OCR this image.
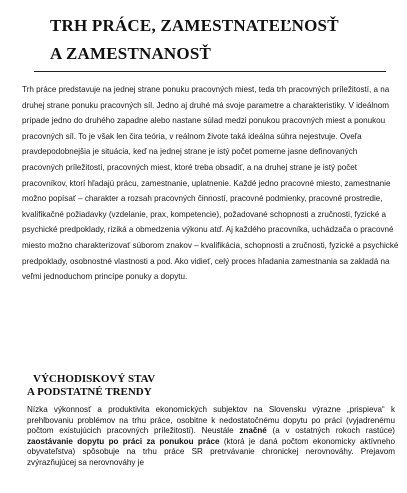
TRH PRÁCE, ZAMESTNATEĽNOSŤ
A ZAMESTNANOSŤ

Trh práce predstavuje na jednej strane ponuku pracovných miest, teda trh pracovných príležitostí, a na druhej strane ponuku pracovných síl. Jedno aj druhé má svoje parametre a charakteristiky. V ideálnom prípade jedno do druhého zapadne alebo nastane súlad medzi ponukou pracovných miest a ponukou pracovných síl. To je však len čira teória, v reálnom živote taká ideálna súhra nejestvuje. Oveľa pravdepodobnejšia je situácia, keď na jednej strane je istý počet pomerne jasne definovaných pracovných príležitostí, pracovných miest, ktoré treba obsadiť, a na druhej strane je istý počet pracovníkov, ktorí hľadajú prácu, zamestnanie, uplatnenie. Každé jedno pracovné miesto, zamestnanie možno popísať – charakter a rozsah pracovných činností, pracovné podmienky, pracovné prostredie, kvalifikačné požiadavky (vzdelanie, prax, kompetencie), požadované schopnosti a zručnosti, fyzické a psychické predpoklady, riziká a obmedzenia výkonu atď. Aj každého pracovníka, uchádzača o pracovné miesto možno charakterizovať súborom znakov – kvalifikácia, schopnosti a zručnosti, fyzické a psychické predpoklady, osobnostné vlastnosti a pod. Ako vidieť, celý proces hľadania zamestnania sa zakladá na veľmi jednoduchom princípe ponuky a dopytu.

VÝCHODISKOVÝ STAV
A PODSTATNÉ TRENDY

Nízka výkonnosť a produktivita ekonomických subjektov na Slovensku výrazne „prispieva“ k prehlbovaniu problémov na trhu práce, osobitne k nedostatočnému dopytu po práci (vyjadrenému počtom existujúcich pracovných príležitostí). Neustále značné (a v ostatných rokoch rastúce) zaostávanie dopytu po práci za ponukou práce (ktorá je daná počtom ekonomicky aktívneho obyvateľstva) spôsobuje na trhu práce SR pretrvávanie chronickej nerovnováhy. Prejavom zvýrazňujúcej sa nerovnováhy je
